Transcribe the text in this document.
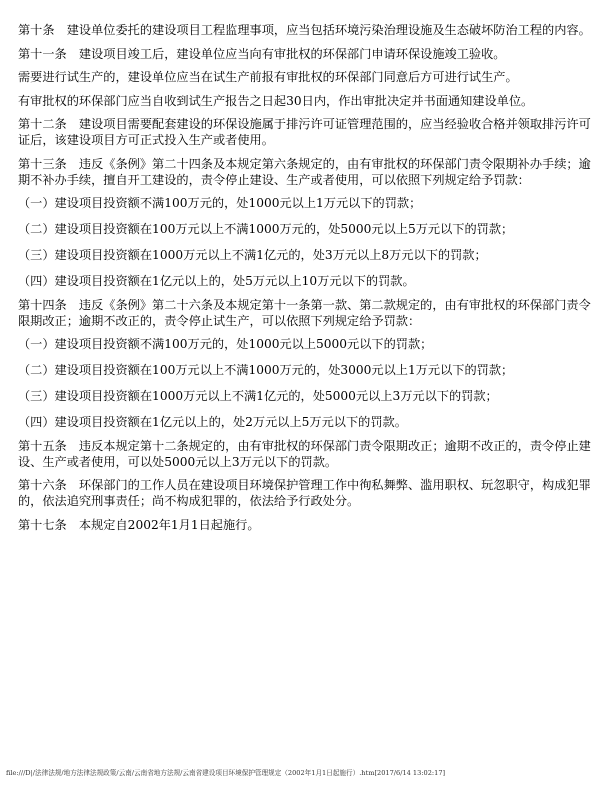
第十条　建设单位委托的建设项目工程监理事项，应当包括环境污染治理设施及生态破坏防治工程的内容。

第十一条　建设项目竣工后，建设单位应当向有审批权的环保部门申请环保设施竣工验收。

需要进行试生产的，建设单位应当在试生产前报有审批权的环保部门同意后方可进行试生产。

有审批权的环保部门应当自收到试生产报告之日起30日内，作出审批决定并书面通知建设单位。

第十二条　建设项目需要配套建设的环保设施属于排污许可证管理范围的，应当经验收合格并领取排污许可证后，该建设项目方可正式投入生产或者使用。

第十三条　违反《条例》第二十四条及本规定第六条规定的，由有审批权的环保部门责令限期补办手续；逾期不补办手续，擅自开工建设的，责令停止建设、生产或者使用，可以依照下列规定给予罚款：

（一）建设项目投资额不满100万元的，处1000元以上1万元以下的罚款；

（二）建设项目投资额在100万元以上不满1000万元的，处5000元以上5万元以下的罚款；

（三）建设项目投资额在1000万元以上不满1亿元的，处3万元以上8万元以下的罚款；

（四）建设项目投资额在1亿元以上的，处5万元以上10万元以下的罚款。

第十四条　违反《条例》第二十六条及本规定第十一条第一款、第二款规定的，由有审批权的环保部门责令限期改正；逾期不改正的，责令停止试生产，可以依照下列规定给予罚款：

（一）建设项目投资额不满100万元的，处1000元以上5000元以下的罚款；

（二）建设项目投资额在100万元以上不满1000万元的，处3000元以上1万元以下的罚款；

（三）建设项目投资额在1000万元以上不满1亿元的，处5000元以上3万元以下的罚款；

（四）建设项目投资额在1亿元以上的，处2万元以上5万元以下的罚款。

第十五条　违反本规定第十二条规定的，由有审批权的环保部门责令限期改正；逾期不改正的，责令停止建设、生产或者使用，可以处5000元以上3万元以下的罚款。

第十六条　环保部门的工作人员在建设项目环境保护管理工作中徇私舞弊、滥用职权、玩忽职守，构成犯罪的，依法追究刑事责任；尚不构成犯罪的，依法给予行政处分。

第十七条　本规定自2002年1月1日起施行。

file:///D|/法律法规/地方法律法规政策/云南/云南省地方法规/云南省建设项目环境保护管理规定（2002年1月1日起施行）.htm[2017/6/14 13:02:17]
